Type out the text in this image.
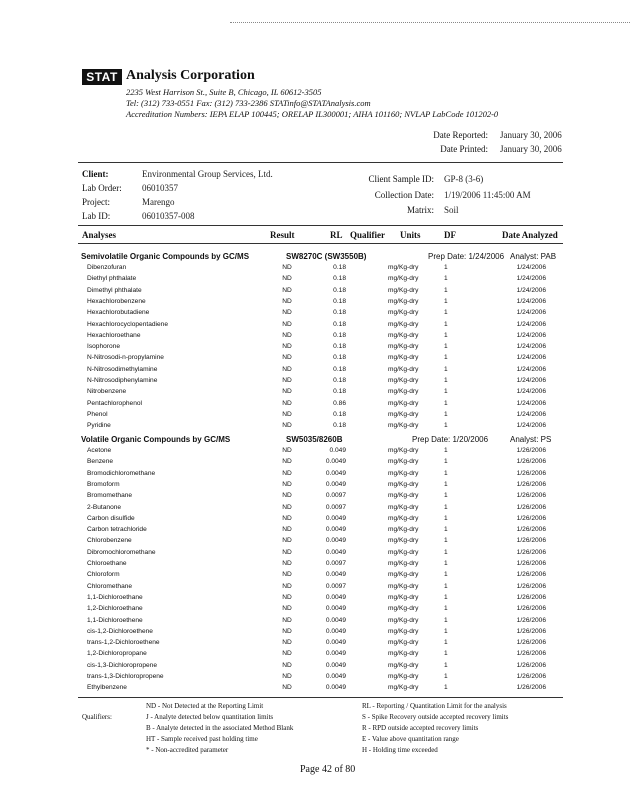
STAT Analysis Corporation
2235 West Harrison St., Suite B, Chicago, IL 60612-3505
Tel: (312) 733-0551 Fax: (312) 733-2386 STATinfo@STATAnalysis.com
Accreditation Numbers: IEPA ELAP 100445; ORELAP IL300001; AIHA 101160; NVLAP LabCode 101202-0
Date Reported: January 30, 2006
Date Printed: January 30, 2006
Client:	Environmental Group Services, Ltd.
Lab Order: 06010357
Project:	Marengo
Lab ID:	06010357-008
Client Sample ID: GP-8 (3-6)
Collection Date: 1/19/2006 11:45:00 AM
Matrix: Soil
Analyses	Result	RL Qualifier Units	DF	Date Analyzed
Semivolatile Organic Compounds by GC/MS	SW8270C (SW3550B)	Prep Date: 1/24/2006 Analyst: PAB
Dibenzofuran	ND	0.18	mg/Kg-dry	1	1/24/2006
Diethyl phthalate	ND	0.18	mg/Kg-dry	1	1/24/2006
Dimethyl phthalate	ND	0.18	mg/Kg-dry	1	1/24/2006
Hexachlorobenzene	ND	0.18	mg/Kg-dry	1	1/24/2006
Hexachlorobutadiene	ND	0.18	mg/Kg-dry	1	1/24/2006
Hexachlorocyclopentadiene	ND	0.18	mg/Kg-dry	1	1/24/2006
Hexachloroethane	ND	0.18	mg/Kg-dry	1	1/24/2006
Isophorone	ND	0.18	mg/Kg-dry	1	1/24/2006
N-Nitrosodi-n-propylamine	ND	0.18	mg/Kg-dry	1	1/24/2006
N-Nitrosodimethylamine	ND	0.18	mg/Kg-dry	1	1/24/2006
N-Nitrosodiphenylamine	ND	0.18	mg/Kg-dry	1	1/24/2006
Nitrobenzene	ND	0.18	mg/Kg-dry	1	1/24/2006
Pentachlorophenol	ND	0.86	mg/Kg-dry	1	1/24/2006
Phenol	ND	0.18	mg/Kg-dry	1	1/24/2006
Pyridine	ND	0.18	mg/Kg-dry	1	1/24/2006
Volatile Organic Compounds by GC/MS	SW5035/8260B	Prep Date: 1/20/2006	Analyst: PS
Acetone	ND	0.049	mg/Kg-dry	1	1/26/2006
Benzene	ND	0.0049	mg/Kg-dry	1	1/26/2006
Bromodichloromethane	ND	0.0049	mg/Kg-dry	1	1/26/2006
Bromoform	ND	0.0049	mg/Kg-dry	1	1/26/2006
Bromomethane	ND	0.0097	mg/Kg-dry	1	1/26/2006
2-Butanone	ND	0.0097	mg/Kg-dry	1	1/26/2006
Carbon disulfide	ND	0.0049	mg/Kg-dry	1	1/26/2006
Carbon tetrachloride	ND	0.0049	mg/Kg-dry	1	1/26/2006
Chlorobenzene	ND	0.0049	mg/Kg-dry	1	1/26/2006
Dibromochloromethane	ND	0.0049	mg/Kg-dry	1	1/26/2006
Chloroethane	ND	0.0097	mg/Kg-dry	1	1/26/2006
Chloroform	ND	0.0049	mg/Kg-dry	1	1/26/2006
Chloromethane	ND	0.0097	mg/Kg-dry	1	1/26/2006
1,1-Dichloroethane	ND	0.0049	mg/Kg-dry	1	1/26/2006
1,2-Dichloroethane	ND	0.0049	mg/Kg-dry	1	1/26/2006
1,1-Dichloroethene	ND	0.0049	mg/Kg-dry	1	1/26/2006
cis-1,2-Dichloroethene	ND	0.0049	mg/Kg-dry	1	1/26/2006
trans-1,2-Dichloroethene	ND	0.0049	mg/Kg-dry	1	1/26/2006
1,2-Dichloropropane	ND	0.0049	mg/Kg-dry	1	1/26/2006
cis-1,3-Dichloropropene	ND	0.0049	mg/Kg-dry	1	1/26/2006
trans-1,3-Dichloropropene	ND	0.0049	mg/Kg-dry	1	1/26/2006
Ethylbenzene	ND	0.0049	mg/Kg-dry	1	1/26/2006
Qualifiers:
ND - Not Detected at the Reporting Limit
J - Analyte detected below quantitation limits
B - Analyte detected in the associated Method Blank
HT - Sample received past holding time
* - Non-accredited parameter
RL - Reporting / Quantitation Limit for the analysis
S - Spike Recovery outside accepted recovery limits
R - RPD outside accepted recovery limits
E - Value above quantitation range
H - Holding time exceeded
Page 42 of 80
